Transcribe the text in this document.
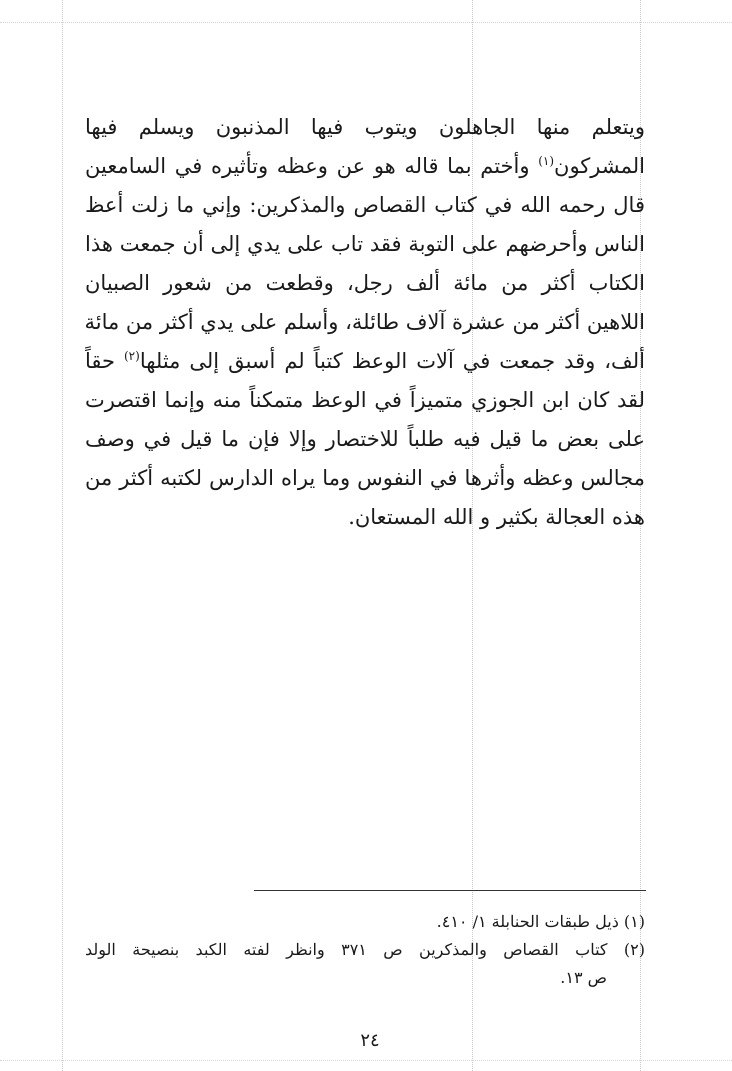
ويتعلم منها الجاهلون ويتوب فيها المذنبون ويسلم فيها
المشركون$^{(١)}$ وأختم بما قاله هو عن وعظه وتأثيره في السامعين
قال رحمه الله في كتاب القصاص والمذكرين: وإني ما زلت أعظ
الناس وأحرضهم على التوبة فقد تاب على يدي إلى أن جمعت هذا
الكتاب أكثر من مائة ألف رجل، وقطعت من شعور الصبيان
اللاهين أكثر من عشرة آلاف طائلة، وأسلم على يدي أكثر من مائة
ألف، وقد جمعت في آلات الوعظ كتباً لم أسبق إلى مثلها$^{(٢)}$ حقاً
لقد كان ابن الجوزي متميزاً في الوعظ متمكناً منه وإنما اقتصرت
على بعض ما قيل فيه طلباً للاختصار وإلا فإن ما قيل في وصف
مجالس وعظه وأثرها في النفوس وما يراه الدارس لكتبه أكثر من
هذه العجالة بكثير و الله المستعان.
(١) ذيل طبقات الحنابلة ١/ ٤١٠.
(٢) كتاب القصاص والمذكرين ص ٣٧١ وانظر لفته الكبد بنصيحة الولد
ص ١٣.
٢٤
